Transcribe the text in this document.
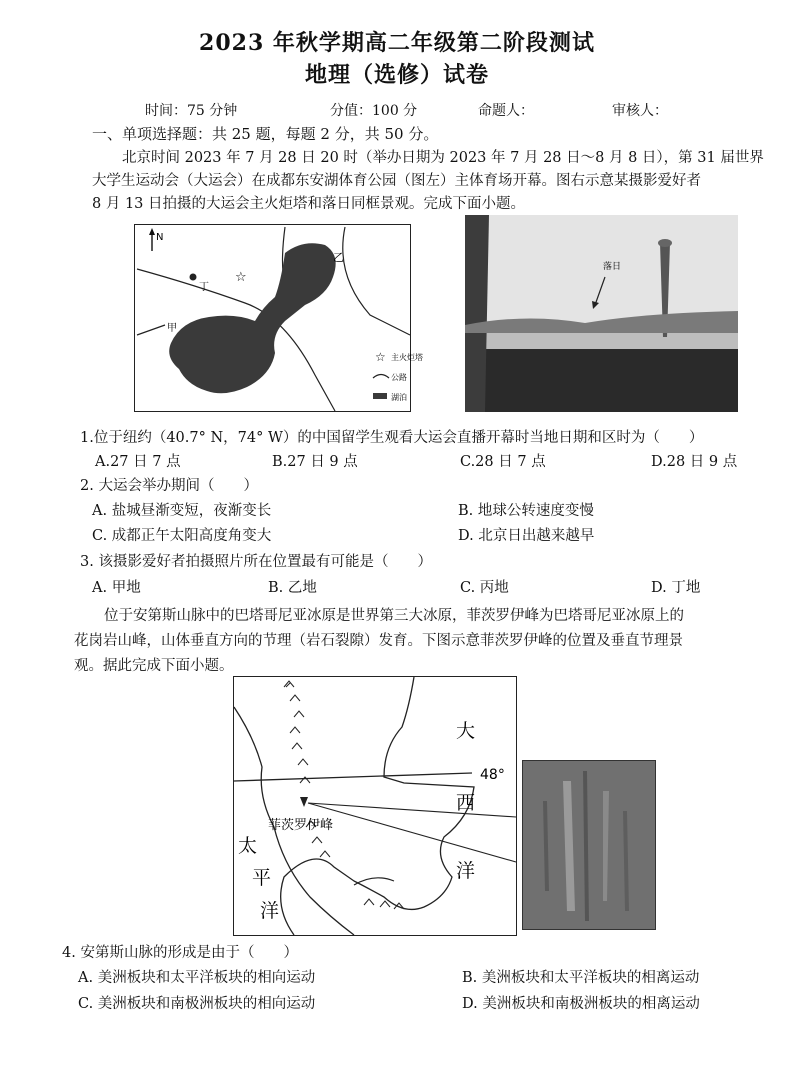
2023 年秋学期高二年级第二阶段测试
地理（选修）试卷
时间：75 分钟	分值：100 分	命题人：	审核人：
一、单项选择题：共 25 题，每题 2 分，共 50 分。
北京时间 2023 年 7 月 28 日 20 时（举办日期为 2023 年 7 月 28 日～8 月 8 日），第 31 届世界
大学生运动会（大运会）在成都东安湖体育公园（图左）主体育场开幕。图右示意某摄影爱好者
8 月 13 日拍摄的大运会主火炬塔和落日同框景观。完成下面小题。
N
丁
☆
乙
甲
☆ 主火炬塔
公路
湖泊
落日
1.位于纽约（40.7° N，74° W）的中国留学生观看大运会直播开幕时当地日期和区时为（　　）
A.27 日 7 点	B.27 日 9 点	C.28 日 7 点	D.28 日 9 点
2. 大运会举办期间（　　）
A. 盐城昼渐变短，夜渐变长	B. 地球公转速度变慢
C. 成都正午太阳高度角变大	D. 北京日出越来越早
3. 该摄影爱好者拍摄照片所在位置最有可能是（　　）
A. 甲地	B. 乙地	C. 丙地	D. 丁地
位于安第斯山脉中的巴塔哥尼亚冰原是世界第三大冰原，菲茨罗伊峰为巴塔哥尼亚冰原上的
花岗岩山峰，山体垂直方向的节理（岩石裂隙）发育。下图示意菲茨罗伊峰的位置及垂直节理景
观。据此完成下面小题。
48°
菲茨罗伊峰
太
平
洋
大
西
洋
4. 安第斯山脉的形成是由于（　　）
A. 美洲板块和太平洋板块的相向运动	B. 美洲板块和太平洋板块的相离运动
C. 美洲板块和南极洲板块的相向运动	D. 美洲板块和南极洲板块的相离运动
